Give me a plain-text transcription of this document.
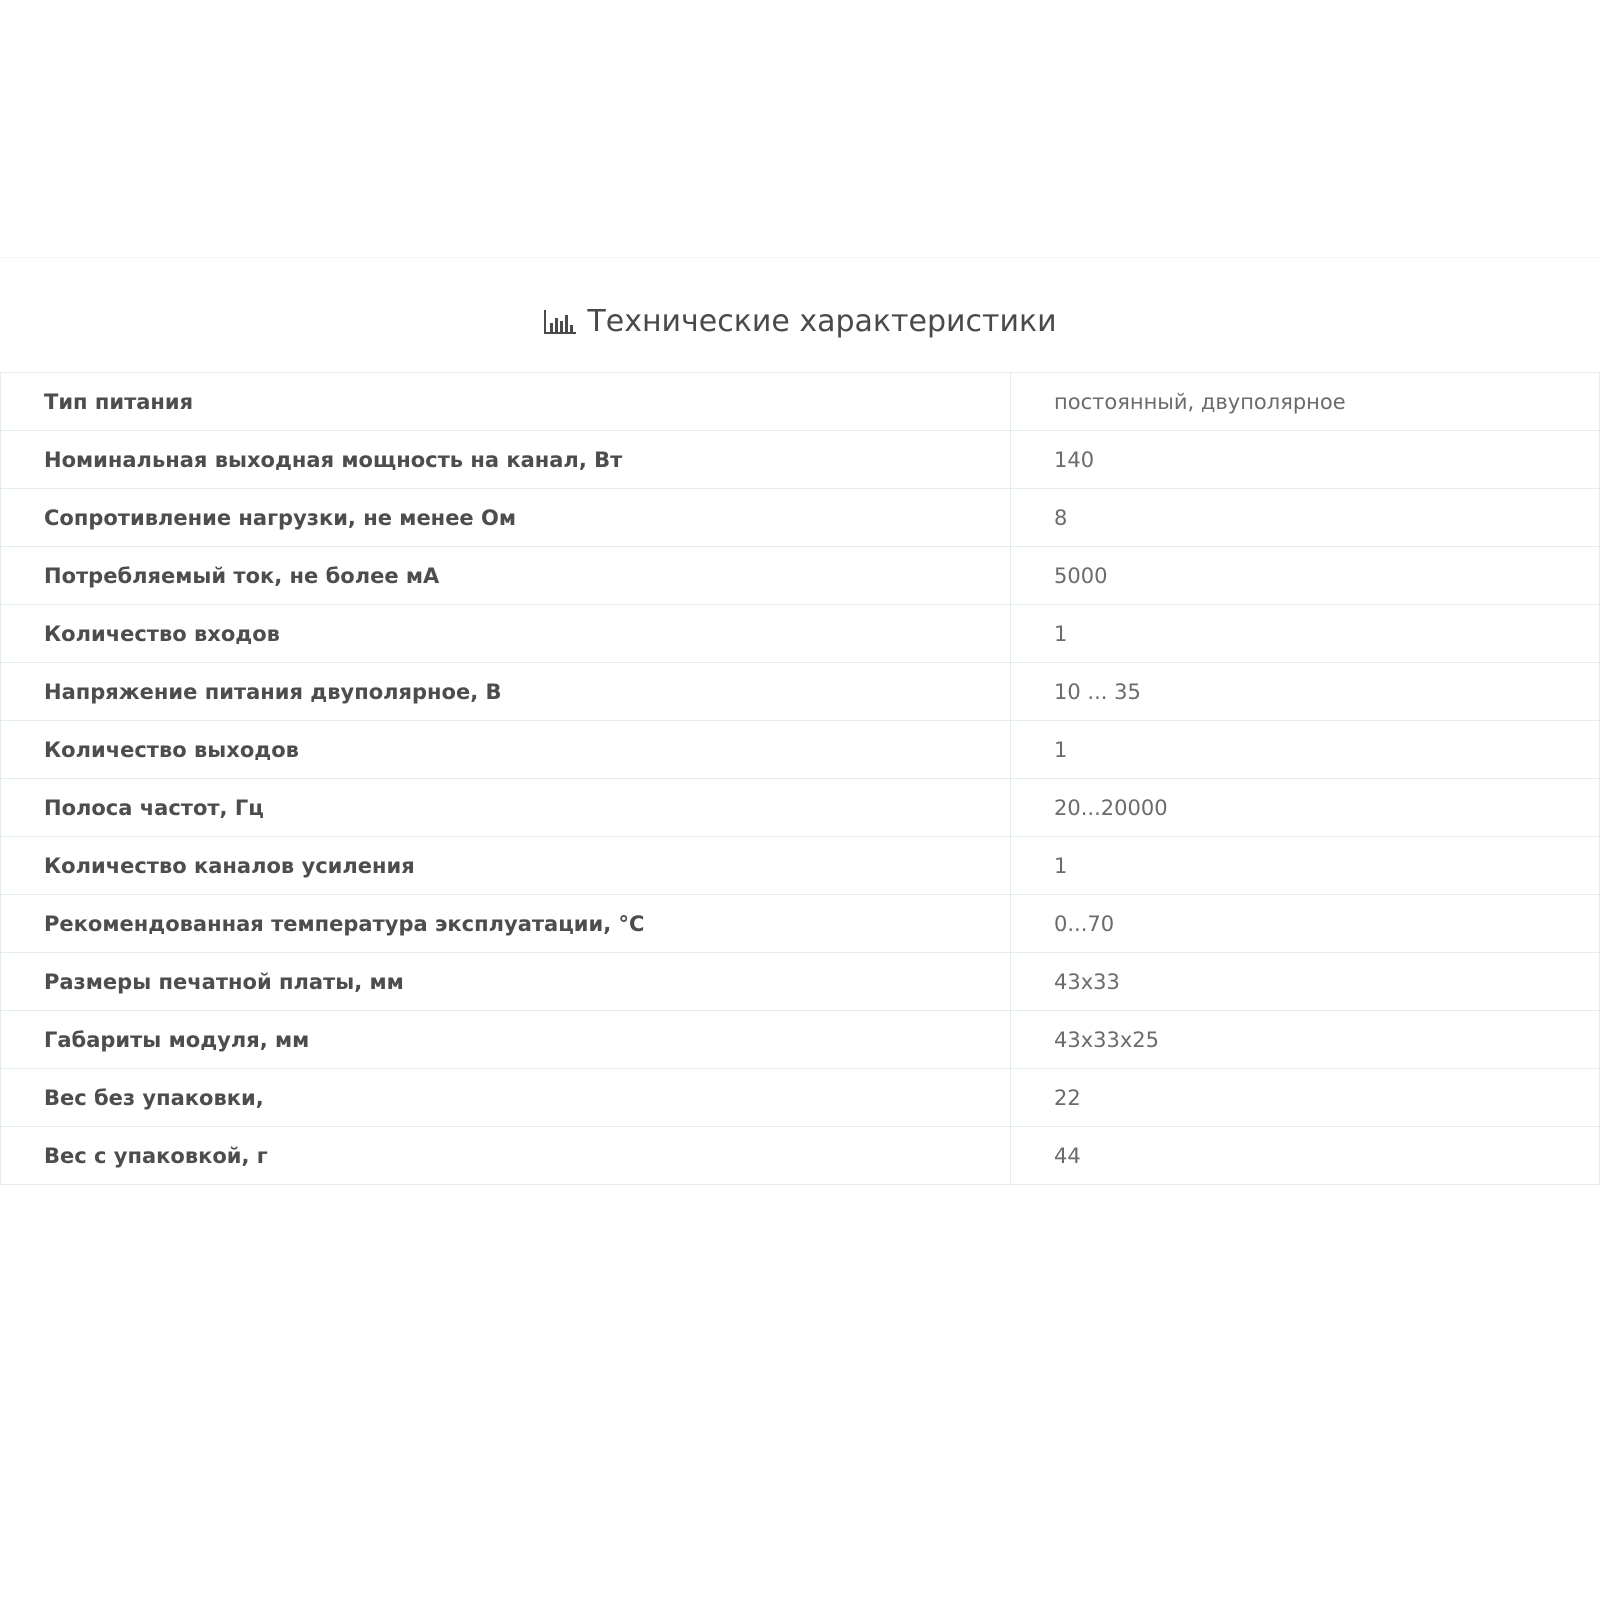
Технические характеристики
Тип питания	постоянный, двуполярное
Номинальная выходная мощность на канал, Вт	140
Сопротивление нагрузки, не менее Ом	8
Потребляемый ток, не более мА	5000
Количество входов	1
Напряжение питания двуполярное, В	10 ... 35
Количество выходов	1
Полоса частот, Гц	20...20000
Количество каналов усиления	1
Рекомендованная температура эксплуатации, °С	0...70
Размеры печатной платы, мм	43x33
Габариты модуля, мм	43x33x25
Вес без упаковки,	22
Вес с упаковкой, г	44
